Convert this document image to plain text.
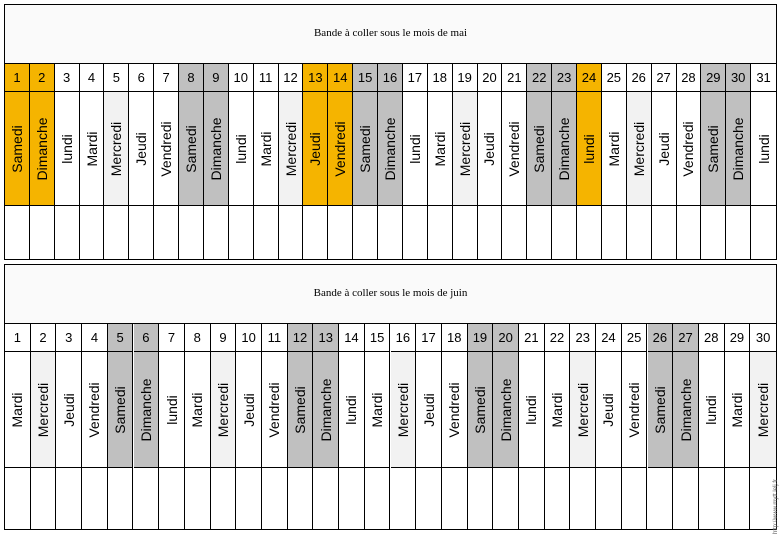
Bande à coller sous le mois de mai
1
Samedi
2
Dimanche
3
lundi
4
Mardi
5
Mercredi
6
Jeudi
7
Vendredi
8
Samedi
9
Dimanche
10
lundi
11
Mardi
12
Mercredi
13
Jeudi
14
Vendredi
15
Samedi
16
Dimanche
17
lundi
18
Mardi
19
Mercredi
20
Jeudi
21
Vendredi
22
Samedi
23
Dimanche
24
lundi
25
Mardi
26
Mercredi
27
Jeudi
28
Vendredi
29
Samedi
30
Dimanche
31
lundi
Bande à coller sous le mois de juin
1
Mardi
2
Mercredi
3
Jeudi
4
Vendredi
5
Samedi
6
Dimanche
7
lundi
8
Mardi
9
Mercredi
10
Jeudi
11
Vendredi
12
Samedi
13
Dimanche
14
lundi
15
Mardi
16
Mercredi
17
Jeudi
18
Vendredi
19
Samedi
20
Dimanche
21
lundi
22
Mardi
23
Mercredi
24
Jeudi
25
Vendredi
26
Samedi
27
Dimanche
28
lundi
29
Mardi
30
Mercredi
http://www.mytt.lelj.fr
